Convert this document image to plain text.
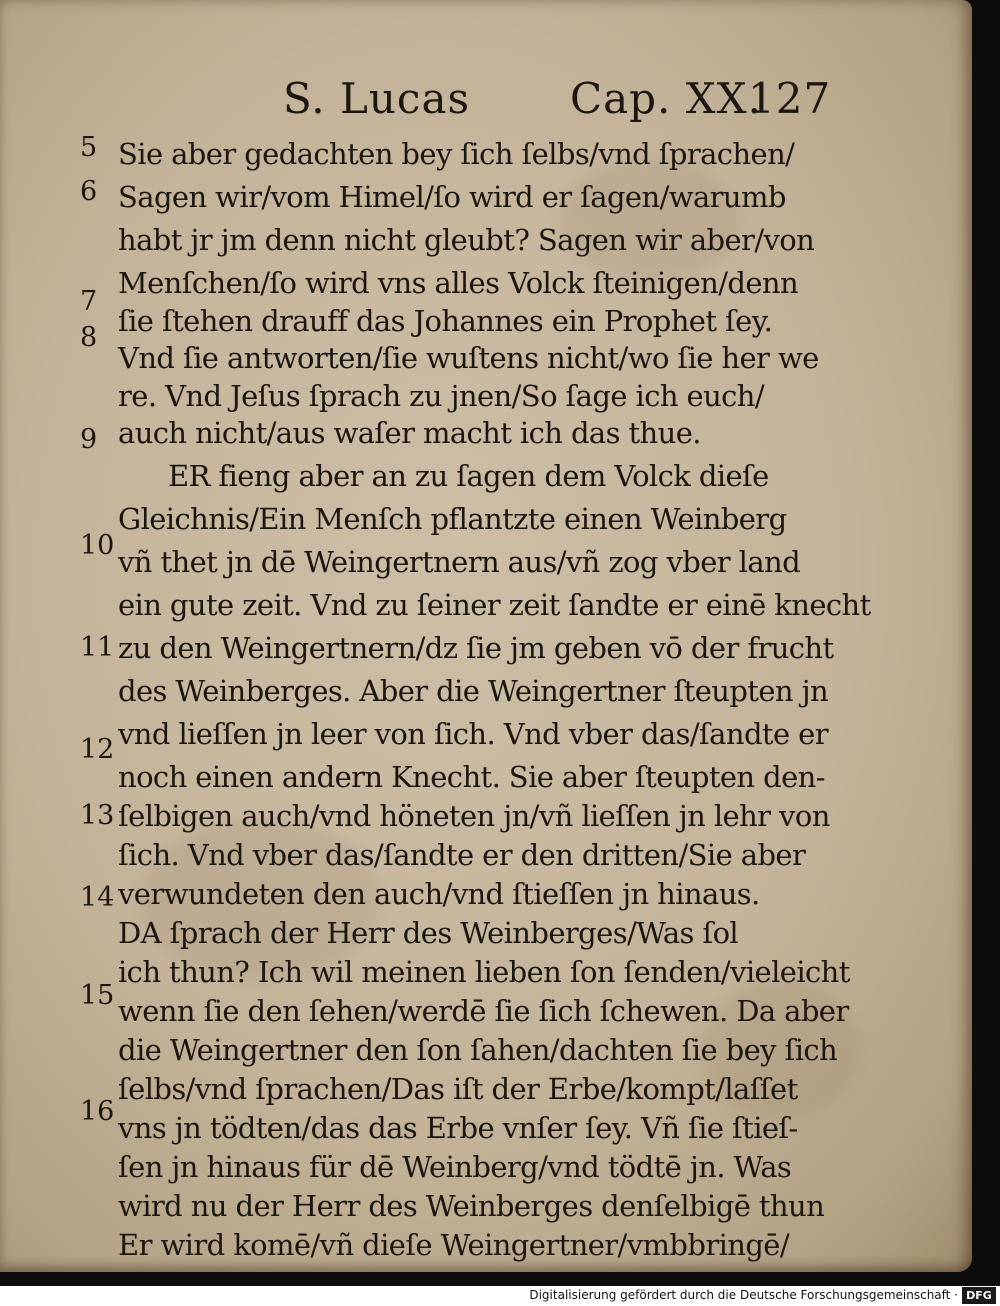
S. Lucas Cap. XX.
127
5
6
7
8
9
10
11
12
13
14
15
16
Sie aber gedachten bey ſich ſelbs/vnd ſprachen/
Sagen wir/vom Himel/ſo wird er ſagen/warumb
habt jr jm denn nicht gleubt? Sagen wir aber/von
Menſchen/ſo wird vns alles Volck ſteinigen/denn
ſie ſtehen drauff das Johannes ein Prophet ſey.
Vnd ſie antworten/ſie wuſtens nicht/wo ſie her we
re. Vnd Jeſus ſprach zu jnen/So ſage ich euch/
auch nicht/aus waſer macht ich das thue.
ER fieng aber an zu ſagen dem Volck dieſe
Gleichnis/Ein Menſch pflantzte einen Weinberg
vñ thet jn dē Weingertnern aus/vñ zog vber land
ein gute zeit. Vnd zu ſeiner zeit ſandte er einē knecht
zu den Weingertnern/dz ſie jm geben vō der frucht
des Weinberges. Aber die Weingertner ſteupten jn
vnd lieſſen jn leer von ſich. Vnd vber das/ſandte er
noch einen andern Knecht. Sie aber ſteupten den-
ſelbigen auch/vnd hӧneten jn/vñ lieſſen jn lehr von
ſich. Vnd vber das/ſandte er den dritten/Sie aber
verwundeten den auch/vnd ſtieſſen jn hinaus.
DA ſprach der Herr des Weinberges/Was ſol
ich thun? Ich wil meinen lieben ſon ſenden/vieleicht
wenn ſie den ſehen/werdē ſie ſich ſchewen. Da aber
die Weingertner den ſon ſahen/dachten ſie bey ſich
ſelbs/vnd ſprachen/Das iſt der Erbe/kompt/laſſet
vns jn tӧdten/das das Erbe vnſer ſey. Vñ ſie ſtieſ-
ſen jn hinaus für dē Weinberg/vnd tӧdtē jn. Was
wird nu der Herr des Weinberges denſelbigē thun
Er wird komē/vñ dieſe Weingertner/vmbbringē/
Digitalisierung gefördert durch die Deutsche Forschungsgemeinschaft · DFG
